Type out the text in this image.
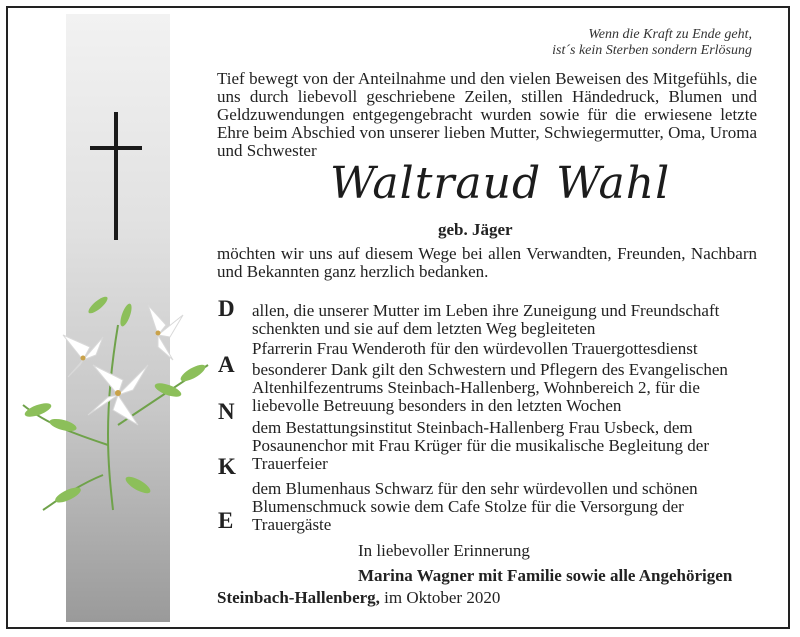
Wenn die Kraft zu Ende geht,
ist´s kein Sterben sondern Erlösung
Tief bewegt von der Anteilnahme und den vielen Beweisen des Mitgefühls, die uns durch liebevoll geschriebene Zeilen, stillen Händedruck, Blumen und Geldzuwendungen entgegengebracht wurden sowie für die erwiesene letzte Ehre beim Abschied von unserer lieben Mutter, Schwiegermutter, Oma, Uroma und Schwester
Waltraud Wahl
geb. Jäger
möchten wir uns auf diesem Wege bei allen Verwandten, Freunden, Nachbarn und Bekannten ganz herzlich bedanken.
D
A
N
K
E
allen, die unserer Mutter im Leben ihre Zuneigung und Freundschaft schenkten und sie auf dem letzten Weg begleiteten
Pfarrerin Frau Wenderoth für den würdevollen Trauergottesdienst
besonderer Dank gilt den Schwestern und Pflegern des Evangelischen Altenhilfezentrums Steinbach-Hallenberg, Wohnbereich 2, für die liebevolle Betreuung besonders in den letzten Wochen
dem Bestattungsinstitut Steinbach-Hallenberg Frau Usbeck, dem Posaunenchor mit Frau Krüger für die musikalische Begleitung der Trauerfeier
dem Blumenhaus Schwarz für den sehr würdevollen und schönen Blumenschmuck sowie dem Cafe Stolze für die Versorgung der Trauergäste
In liebevoller Erinnerung
Marina Wagner mit Familie sowie alle Angehörigen
Steinbach-Hallenberg, im Oktober 2020
